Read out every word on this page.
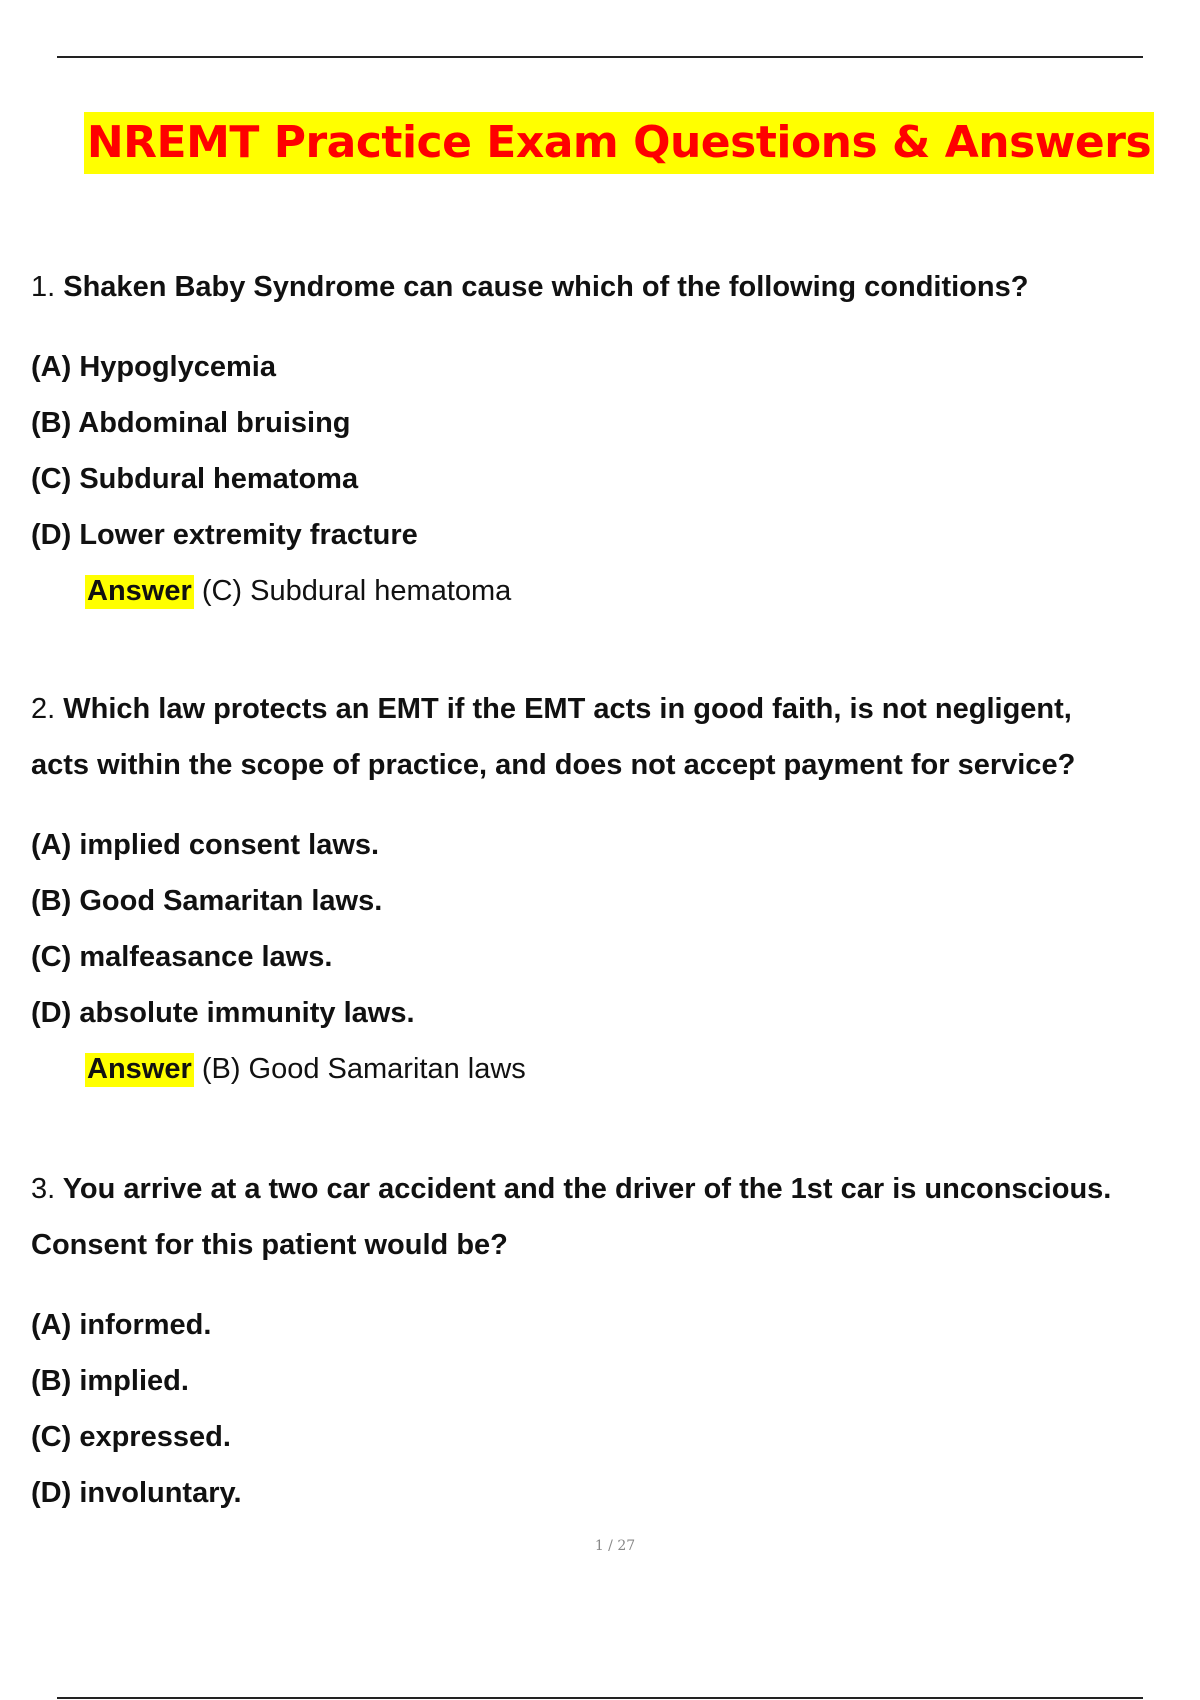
NREMT Practice Exam Questions & Answers
1. Shaken Baby Syndrome can cause which of the following conditions?
(A) Hypoglycemia
(B) Abdominal bruising
(C) Subdural hematoma
(D) Lower extremity fracture
Answer (C) Subdural hematoma
2. Which law protects an EMT if the EMT acts in good faith, is not negligent,
acts within the scope of practice, and does not accept payment for service?
(A) implied consent laws.
(B) Good Samaritan laws.
(C) malfeasance laws.
(D) absolute immunity laws.
Answer (B) Good Samaritan laws
3. You arrive at a two car accident and the driver of the 1st car is unconscious.
Consent for this patient would be?
(A) informed.
(B) implied.
(C) expressed.
(D) involuntary.
1 / 27
